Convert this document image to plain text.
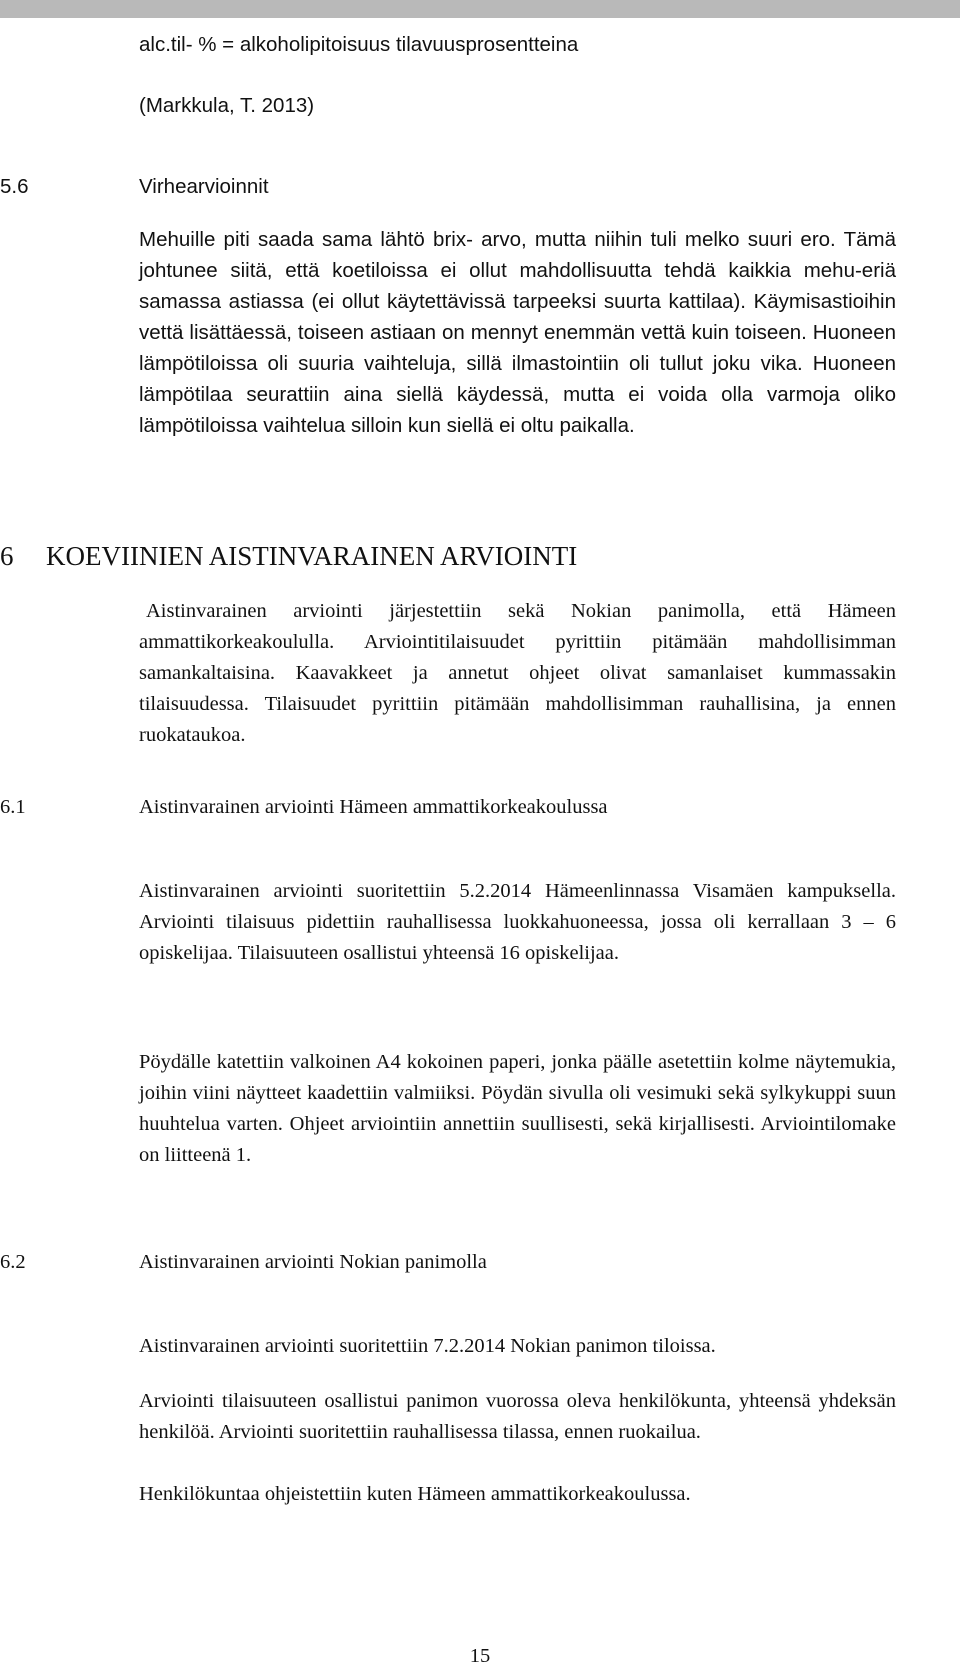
alc.til- % = alkoholipitoisuus tilavuusprosentteina
(Markkula, T. 2013)
5.6	Virhearvioinnit
Mehuille piti saada sama lähtö brix- arvo, mutta niihin tuli melko suuri ero. Tämä johtunee siitä, että koetiloissa ei ollut mahdollisuutta tehdä kaikkia mehu-eriä samassa astiassa (ei ollut käytettävissä tarpeeksi suurta kattilaa). Käymisastioihin vettä lisättäessä, toiseen astiaan on mennyt enemmän vettä kuin toiseen. Huoneen lämpötiloissa oli suuria vaihteluja, sillä ilmastointiin oli tullut joku vika. Huoneen lämpötilaa seurattiin aina siellä käydessä, mutta ei voida olla varmoja oliko lämpötiloissa vaihtelua silloin kun siellä ei oltu paikalla.
6 KOEVIINIEN AISTINVARAINEN ARVIOINTI
Aistinvarainen arviointi järjestettiin sekä Nokian panimolla, että Hämeen ammattikorkeakoululla. Arviointitilaisuudet pyrittiin pitämään mahdollisimman samankaltaisina. Kaavakkeet ja annetut ohjeet olivat samanlaiset kummassakin tilaisuudessa. Tilaisuudet pyrittiin pitämään mahdollisimman rauhallisina, ja ennen ruokataukoa.
6.1	Aistinvarainen arviointi Hämeen ammattikorkeakoulussa
Aistinvarainen arviointi suoritettiin 5.2.2014 Hämeenlinnassa Visamäen kampuksella. Arviointi tilaisuus pidettiin rauhallisessa luokkahuoneessa, jossa oli kerrallaan 3 – 6 opiskelijaa. Tilaisuuteen osallistui yhteensä 16 opiskelijaa.
Pöydälle katettiin valkoinen A4 kokoinen paperi, jonka päälle asetettiin kolme näytemukia, joihin viini näytteet kaadettiin valmiiksi. Pöydän sivulla oli vesimuki sekä sylkykuppi suun huuhtelua varten. Ohjeet arviointiin annettiin suullisesti, sekä kirjallisesti. Arviointilomake on liitteenä 1.
6.2	Aistinvarainen arviointi Nokian panimolla
Aistinvarainen arviointi suoritettiin 7.2.2014 Nokian panimon tiloissa.
Arviointi tilaisuuteen osallistui panimon vuorossa oleva henkilökunta, yhteensä yhdeksän henkilöä. Arviointi suoritettiin rauhallisessa tilassa, ennen ruokailua.
Henkilökuntaa ohjeistettiin kuten Hämeen ammattikorkeakoulussa.
15
